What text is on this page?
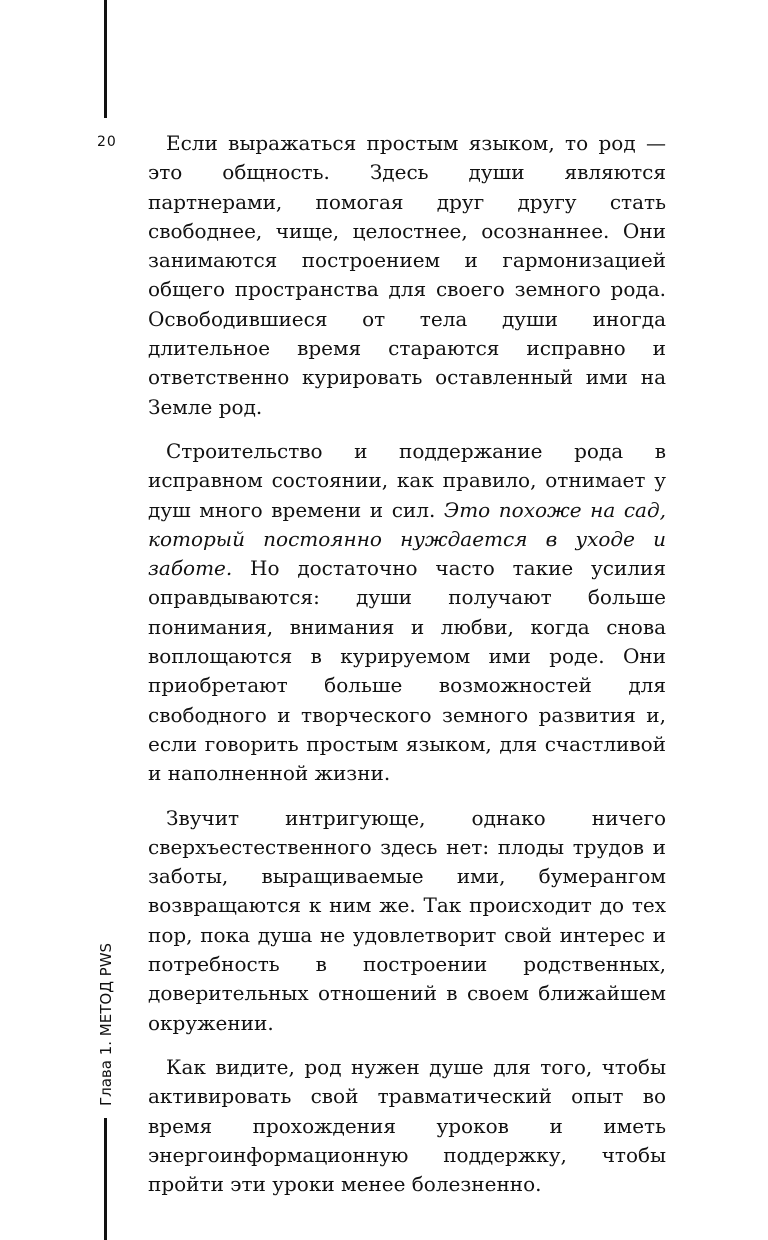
20	Если выражаться простым языком, то род — это общность. Здесь души являются партнерами, помогая друг другу стать свободнее, чище, целостнее, осознаннее. Они занимаются построением и гармонизацией общего пространства для своего земного рода. Освободившиеся от тела души иногда длительное время стараются исправно и ответственно курировать оставленный ими на Земле род.

Строительство и поддержание рода в исправном состоянии, как правило, отнимает у душ много времени и сил. Это похоже на сад, который постоянно нуждается в уходе и заботе. Но достаточно часто такие усилия оправдываются: души получают больше понимания, внимания и любви, когда снова воплощаются в курируемом ими роде. Они приобретают больше возможностей для свободного и творческого земного развития и, если говорить простым языком, для счастливой и наполненной жизни.

Звучит интригующе, однако ничего сверхъестественного здесь нет: плоды трудов и заботы, выращиваемые ими, бумерангом возвращаются к ним же. Так происходит до тех пор, пока душа не удовлетворит свой интерес и потребность в построении родственных, доверительных отношений в своем ближайшем окружении.

Как видите, род нужен душе для того, чтобы активировать свой травматический опыт во время прохождения уроков и иметь энергоинформационную поддержку, чтобы пройти эти уроки менее болезненно.

Глава 1. МЕТОД PWS
